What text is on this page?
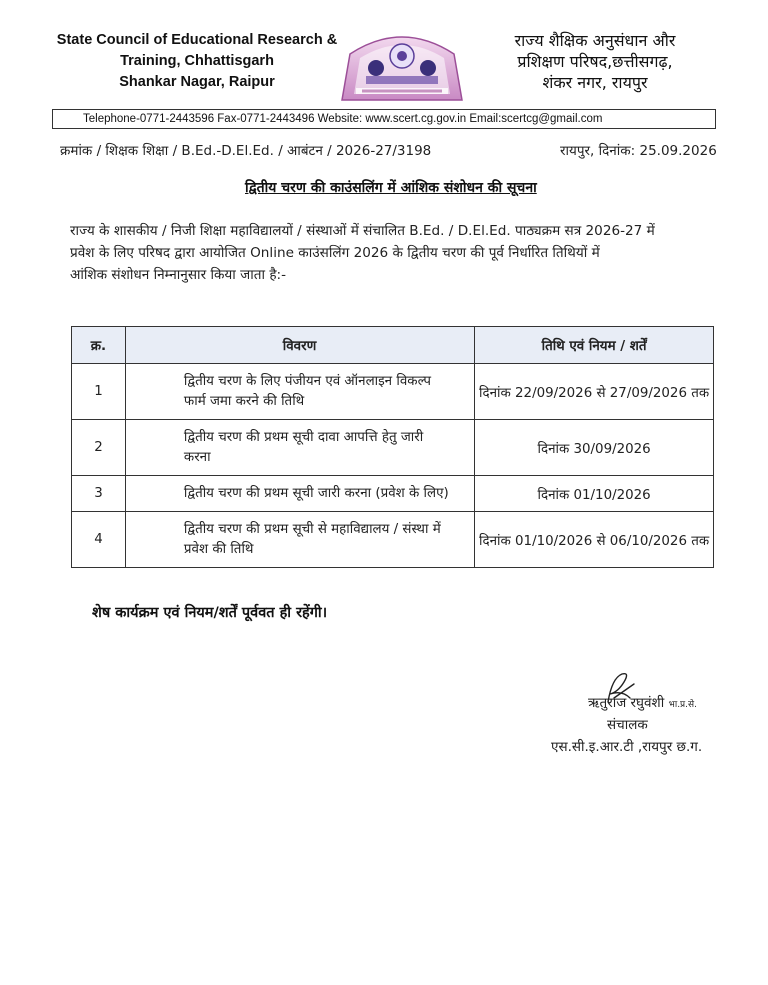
State Council of Educational Research &
Training, Chhattisgarh
Shankar Nagar, Raipur
राज्य शैक्षिक अनुसंधान और
प्रशिक्षण परिषद,छत्तीसगढ़,
शंकर नगर, रायपुर
Telephone-0771-2443596 Fax-0771-2443496 Website: www.scert.cg.gov.in Email:scertcg@gmail.com
क्रमांक / शिक्षक शिक्षा / B.Ed.-D.El.Ed. / आबंटन / 2026-27/3198	रायपुर, दिनांक: 25.09.2026
द्वितीय चरण की काउंसलिंग में आंशिक संशोधन की सूचना
राज्य के शासकीय / निजी शिक्षा महाविद्यालयों / संस्थाओं में संचालित B.Ed. / D.El.Ed. पाठ्यक्रम सत्र 2026-27 में
प्रवेश के लिए परिषद द्वारा आयोजित Online काउंसलिंग 2026 के द्वितीय चरण की पूर्व निर्धारित तिथियों में
आंशिक संशोधन निम्नानुसार किया जाता है:-
क्र.	विवरण	तिथि एवं नियम / शर्तें
1	द्वितीय चरण के लिए पंजीयन एवं ऑनलाइन विकल्प
फार्म जमा करने की तिथि	दिनांक 22/09/2026 से 27/09/2026 तक
2	द्वितीय चरण की प्रथम सूची दावा आपत्ति हेतु जारी
करना	दिनांक 30/09/2026
3	द्वितीय चरण की प्रथम सूची जारी करना (प्रवेश के लिए)	दिनांक 01/10/2026
4	द्वितीय चरण की प्रथम सूची से महाविद्यालय / संस्था में
प्रवेश की तिथि	दिनांक 01/10/2026 से 06/10/2026 तक
शेष कार्यक्रम एवं नियम/शर्तें पूर्ववत ही रहेंगी।
ऋतुराज रघुवंशी भा.प्र.से.
संचालक
एस.सी.इ.आर.टी ,रायपुर छ.ग.
